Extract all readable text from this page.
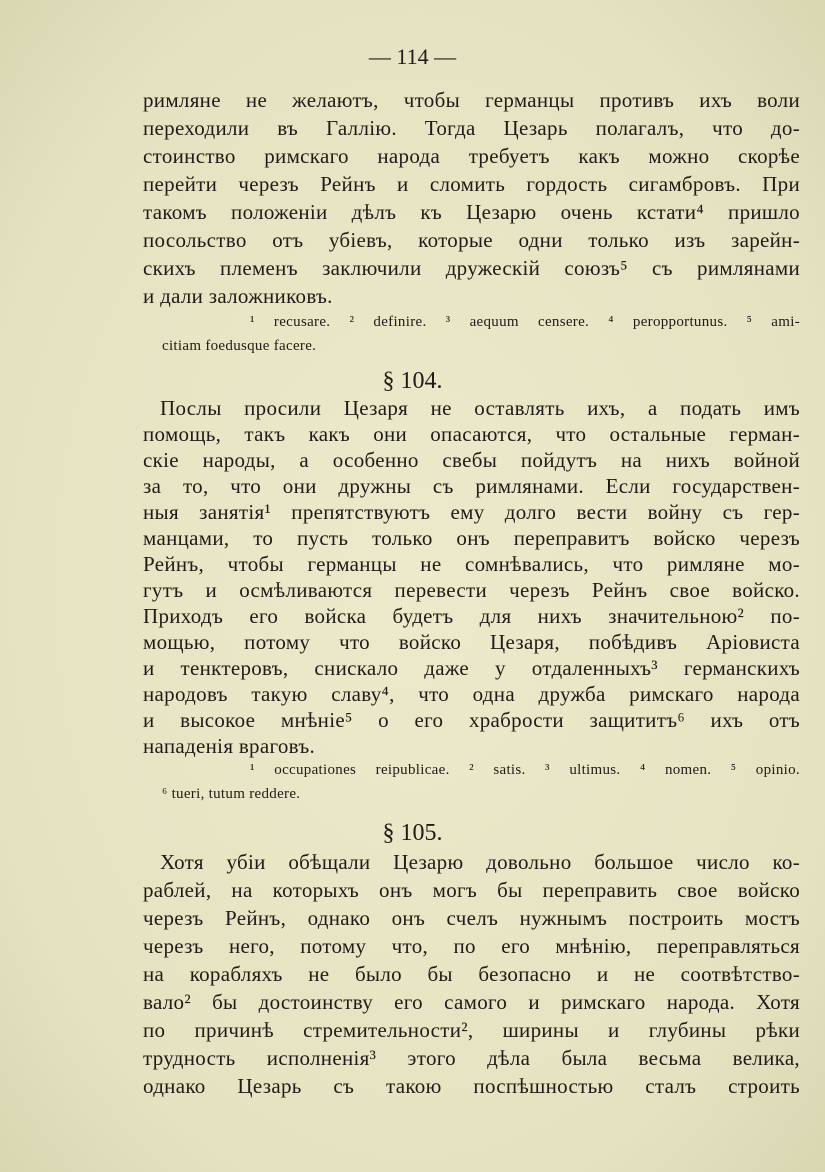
— 114 —
римляне не желаютъ, чтобы германцы противъ ихъ воли
переходили въ Галлію. Тогда Цезарь полагалъ, что до-
стоинство римскаго народа требуетъ какъ можно скорѣе
перейти черезъ Рейнъ и сломить гордость сигамбровъ. При
такомъ положеніи дѣлъ къ Цезарю очень кстати⁴ пришло
посольство отъ убіевъ, которые одни только изъ зарейн-
скихъ племенъ заключили дружескій союзъ⁵ съ римлянами
и дали заложниковъ.
¹ recusare. ² definire. ³ aequum censere. ⁴ peropportunus. ⁵ ami-
citiam foedusque facere.
§ 104.
Послы просили Цезаря не оставлять ихъ, а подать имъ
помощь, такъ какъ они опасаются, что остальные герман-
скіе народы, а особенно свебы пойдутъ на нихъ войной
за то, что они дружны съ римлянами. Если государствен-
ныя занятія¹ препятствуютъ ему долго вести войну съ гер-
манцами, то пусть только онъ переправитъ войско черезъ
Рейнъ, чтобы германцы не сомнѣвались, что римляне мо-
гутъ и осмѣливаются перевести черезъ Рейнъ свое войско.
Приходъ его войска будетъ для нихъ значительною² по-
мощью, потому что войско Цезаря, побѣдивъ Аріовиста
и тенктеровъ, снискало даже у отдаленныхъ³ германскихъ
народовъ такую славу⁴, что одна дружба римскаго народа
и высокое мнѣніе⁵ о его храбрости защититъ⁶ ихъ отъ
нападенія враговъ.
¹ occupationes reipublicae. ² satis. ³ ultimus. ⁴ nomen. ⁵ opinio.
⁶ tueri, tutum reddere.
§ 105.
Хотя убіи обѣщали Цезарю довольно большое число ко-
раблей, на которыхъ онъ могъ бы переправить свое войско
черезъ Рейнъ, однако онъ счелъ нужнымъ построить мостъ
черезъ него, потому что, по его мнѣнію, переправляться
на корабляхъ не было бы безопасно и не соотвѣтство-
вало² бы достоинству его самого и римскаго народа. Хотя
по причинѣ стремительности², ширины и глубины рѣки
трудность исполненія³ этого дѣла была весьма велика,
однако Цезарь съ такою поспѣшностью сталъ строить
